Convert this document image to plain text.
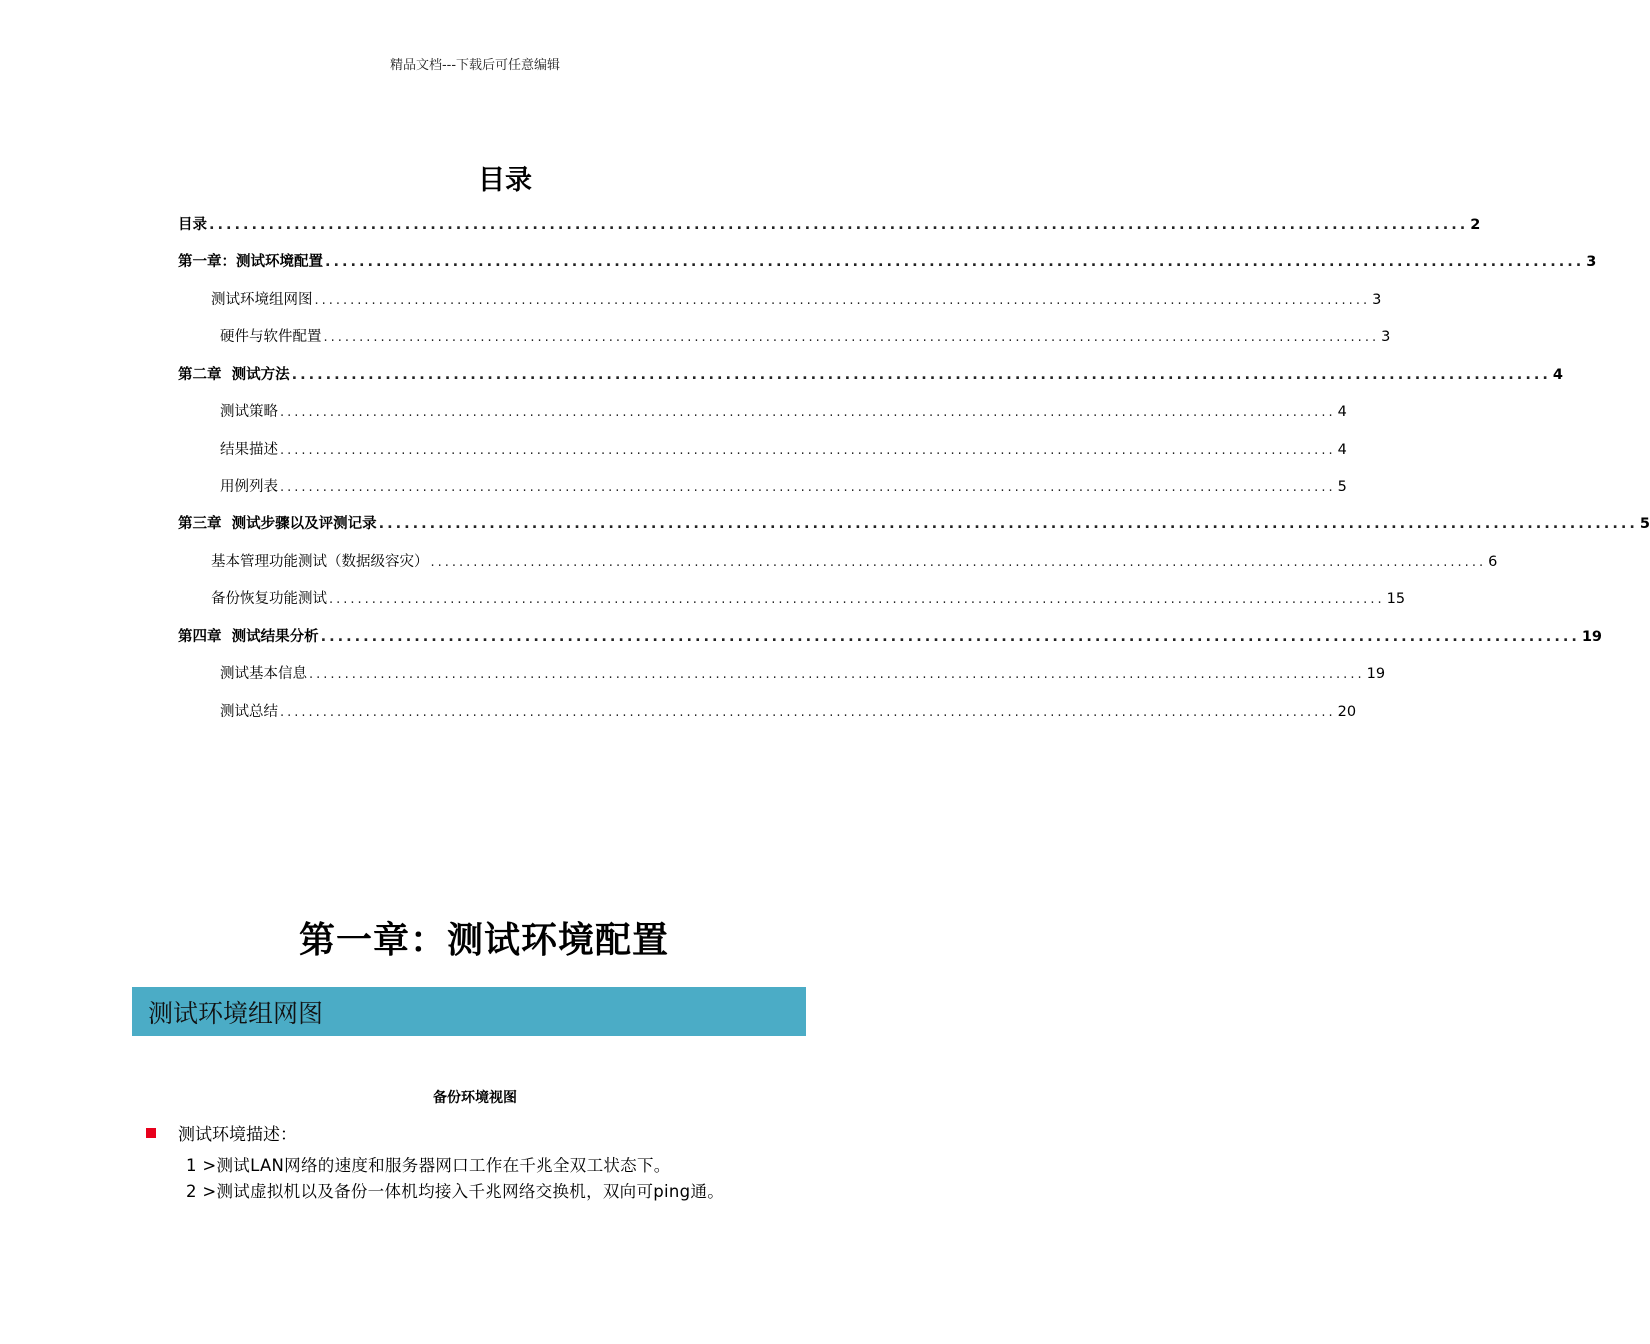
精品文档---下载后可任意编辑
目录
目录 .................................................................................................................................................... 2
第一章：测试环境配置 .................................................................................................................................................... 3
测试环境组网图 .................................................................................................................................................... 3
硬件与软件配置 .................................................................................................................................................... 3
第二章  测试方法 .................................................................................................................................................... 4
测试策略 .................................................................................................................................................... 4
结果描述 .................................................................................................................................................... 4
用例列表 .................................................................................................................................................... 5
第三章  测试步骤以及评测记录 .................................................................................................................................................... 5
基本管理功能测试（数据级容灾） .................................................................................................................................................... 6
备份恢复功能测试 .................................................................................................................................................... 15
第四章  测试结果分析 .................................................................................................................................................... 19
测试基本信息 .................................................................................................................................................... 19
测试总结 .................................................................................................................................................... 20
第一章：测试环境配置
测试环境组网图
备份环境视图
测试环境描述：
1 >测试LAN网络的速度和服务器网口工作在千兆全双工状态下。
2 >测试虚拟机以及备份一体机均接入千兆网络交换机，双向可ping通。
